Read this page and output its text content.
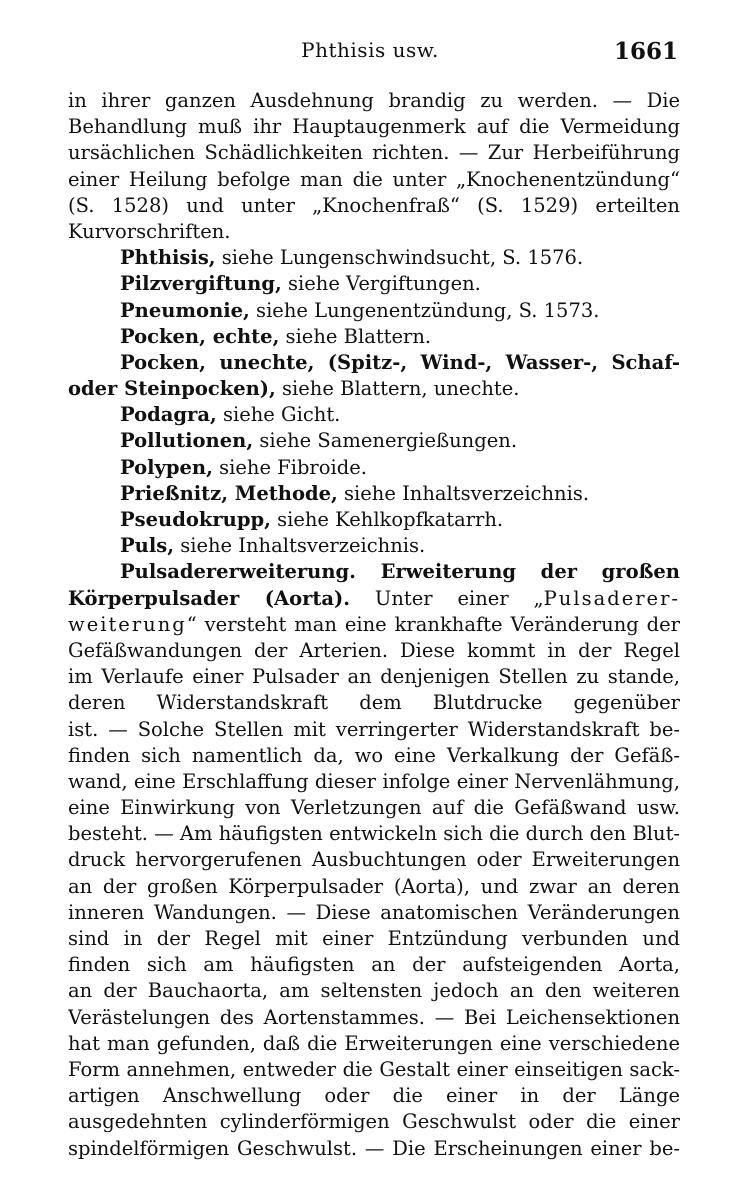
Phthisis usw.	1661
in ihrer ganzen Ausdehnung brandig zu werden. — Die
Behandlung muß ihr Hauptaugenmerk auf die Vermeidung
ursächlichen Schädlichkeiten richten. — Zur Herbeiführung
einer Heilung befolge man die unter „Knochenentzündung“
(S. 1528) und unter „Knochenfraß“ (S. 1529) erteilten
Kurvorschriften.
Phthisis, siehe Lungenschwindsucht, S. 1576.
Pilzvergiftung, siehe Vergiftungen.
Pneumonie, siehe Lungenentzündung, S. 1573.
Pocken, echte, siehe Blattern.
Pocken, unechte, (Spitz-, Wind-, Wasser-, Schaf-
oder Steinpocken), siehe Blattern, unechte.
Podagra, siehe Gicht.
Pollutionen, siehe Samenergießungen.
Polypen, siehe Fibroide.
Prießnitz, Methode, siehe Inhaltsverzeichnis.
Pseudokrupp, siehe Kehlkopfkatarrh.
Puls, siehe Inhaltsverzeichnis.
Pulsadererweiterung. Erweiterung der großen
Körperpulsader (Aorta). Unter einer „Pulsaderer-
weiterung“ versteht man eine krankhafte Veränderung der
Gefäßwandungen der Arterien. Diese kommt in der Regel
im Verlaufe einer Pulsader an denjenigen Stellen zu stande,
deren Widerstandskraft dem Blutdrucke gegenüber
ist. — Solche Stellen mit verringerter Widerstandskraft be-
finden sich namentlich da, wo eine Verkalkung der Gefäß-
wand, eine Erschlaffung dieser infolge einer Nervenlähmung,
eine Einwirkung von Verletzungen auf die Gefäßwand usw.
besteht. — Am häufigsten entwickeln sich die durch den Blut-
druck hervorgerufenen Ausbuchtungen oder Erweiterungen
an der großen Körperpulsader (Aorta), und zwar an deren
inneren Wandungen. — Diese anatomischen Veränderungen
sind in der Regel mit einer Entzündung verbunden und
finden sich am häufigsten an der aufsteigenden Aorta,
an der Bauchaorta, am seltensten jedoch an den weiteren
Verästelungen des Aortenstammes. — Bei Leichensektionen
hat man gefunden, daß die Erweiterungen eine verschiedene
Form annehmen, entweder die Gestalt einer einseitigen sack-
artigen Anschwellung oder die einer in der Länge
ausgedehnten cylinderförmigen Geschwulst oder die einer
spindelförmigen Geschwulst. — Die Erscheinungen einer be-
